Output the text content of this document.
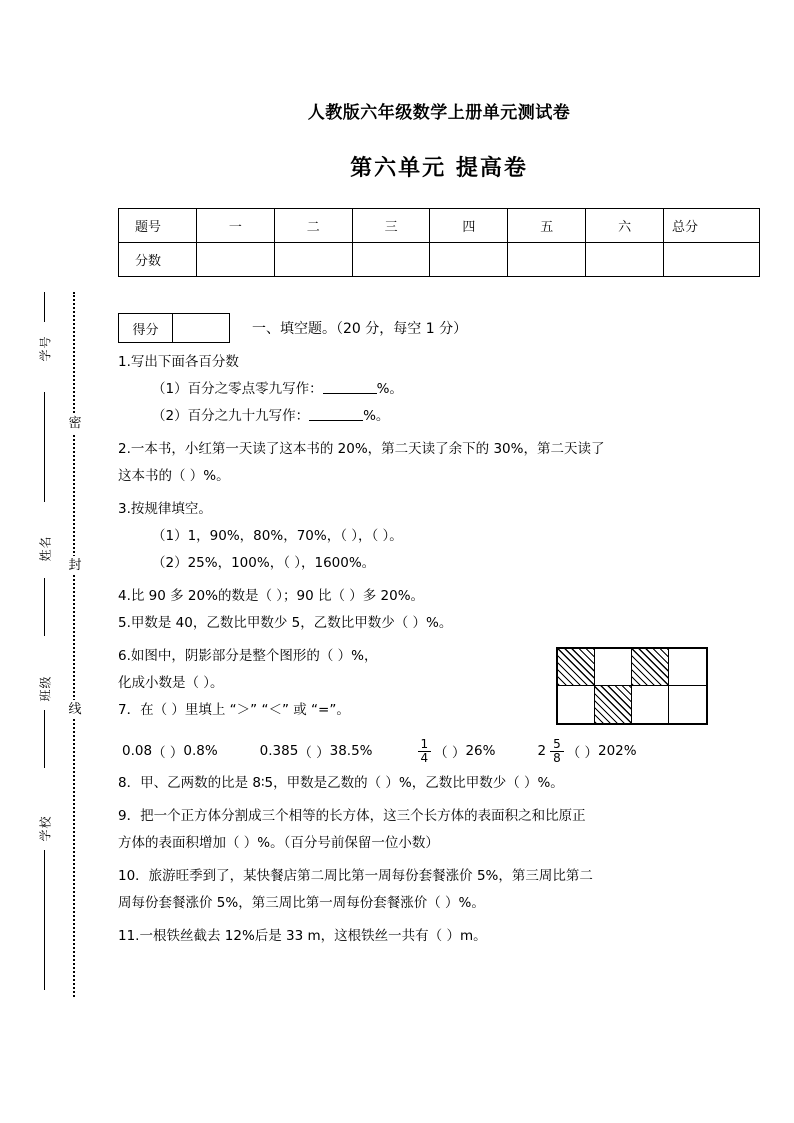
密
封
线
学号
姓名
班级
学校
人教版六年级数学上册单元测试卷
第六单元 提高卷
题号	一	二	三	四	五	六	总分
分数							
得分	一、填空题。（20 分，每空 1 分）
1.写出下面各百分数
（1）百分之零点零九写作：	%。
（2）百分之九十九写作：	%。
2.一本书，小红第一天读了这本书的 20%，第二天读了余下的 30%，第二天读了
这本书的（ ）%。
3.按规律填空。
（1）1，90%，80%，70%，（ ），（ ）。
（2）25%，100%，（ ），1600%。
4.比 90 多 20%的数是（ ）；90 比（ ）多 20%。
5.甲数是 40，乙数比甲数少 5，乙数比甲数少（ ）%。
6.如图中，阴影部分是整个图形的（ ）%，
化成小数是（ ）。
7．在（ ）里填上 “＞” “＜” 或 “=”。
0.08 （ ） 0.8%	0.385 （ ） 38.5%	$\frac{1}{4}$ （ ） 26%	$2 \frac{5}{8}$ （ ） 202%
8．甲、乙两数的比是 8∶5，甲数是乙数的（ ）%，乙数比甲数少（ ）%。
9．把一个正方体分割成三个相等的长方体，这三个长方体的表面积之和比原正
方体的表面积增加（ ）%。（百分号前保留一位小数）
10．旅游旺季到了，某快餐店第二周比第一周每份套餐涨价 5%，第三周比第二
周每份套餐涨价 5%，第三周比第一周每份套餐涨价（ ）%。
11.一根铁丝截去 12%后是 33 m，这根铁丝一共有（ ）m。
